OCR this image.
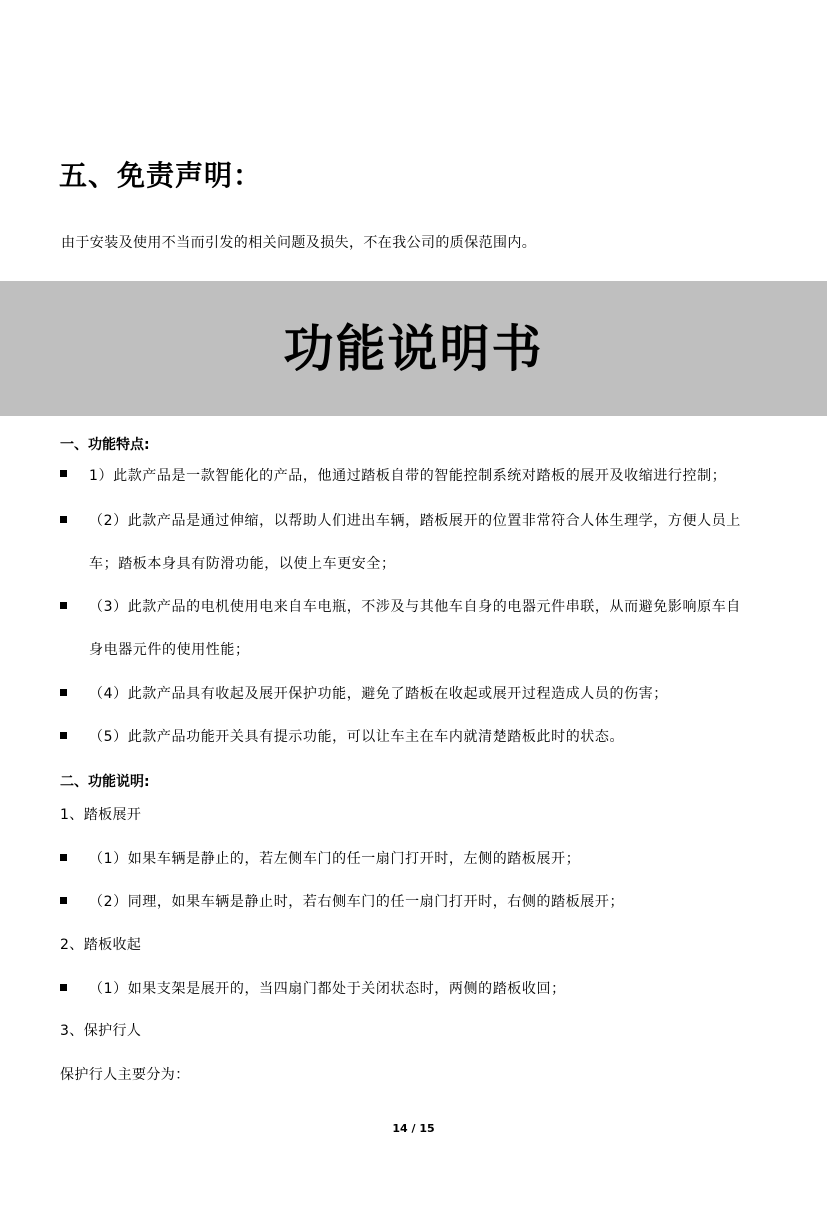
五、免责声明：
由于安装及使用不当而引发的相关问题及损失，不在我公司的质保范围内。
功能说明书
一、功能特点:
1）此款产品是一款智能化的产品，他通过踏板自带的智能控制系统对踏板的展开及收缩进行控制；
（2）此款产品是通过伸缩，以帮助人们进出车辆，踏板展开的位置非常符合人体生理学，方便人员上
车；踏板本身具有防滑功能，以使上车更安全；
（3）此款产品的电机使用电来自车电瓶，不涉及与其他车自身的电器元件串联，从而避免影响原车自
身电器元件的使用性能；
（4）此款产品具有收起及展开保护功能，避免了踏板在收起或展开过程造成人员的伤害；
（5）此款产品功能开关具有提示功能，可以让车主在车内就清楚踏板此时的状态。
二、功能说明:
1、踏板展开
（1）如果车辆是静止的，若左侧车门的任一扇门打开时，左侧的踏板展开；
（2）同理，如果车辆是静止时，若右侧车门的任一扇门打开时，右侧的踏板展开；
2、踏板收起
（1）如果支架是展开的，当四扇门都处于关闭状态时，两侧的踏板收回；
3、保护行人
保护行人主要分为：
14 / 15
